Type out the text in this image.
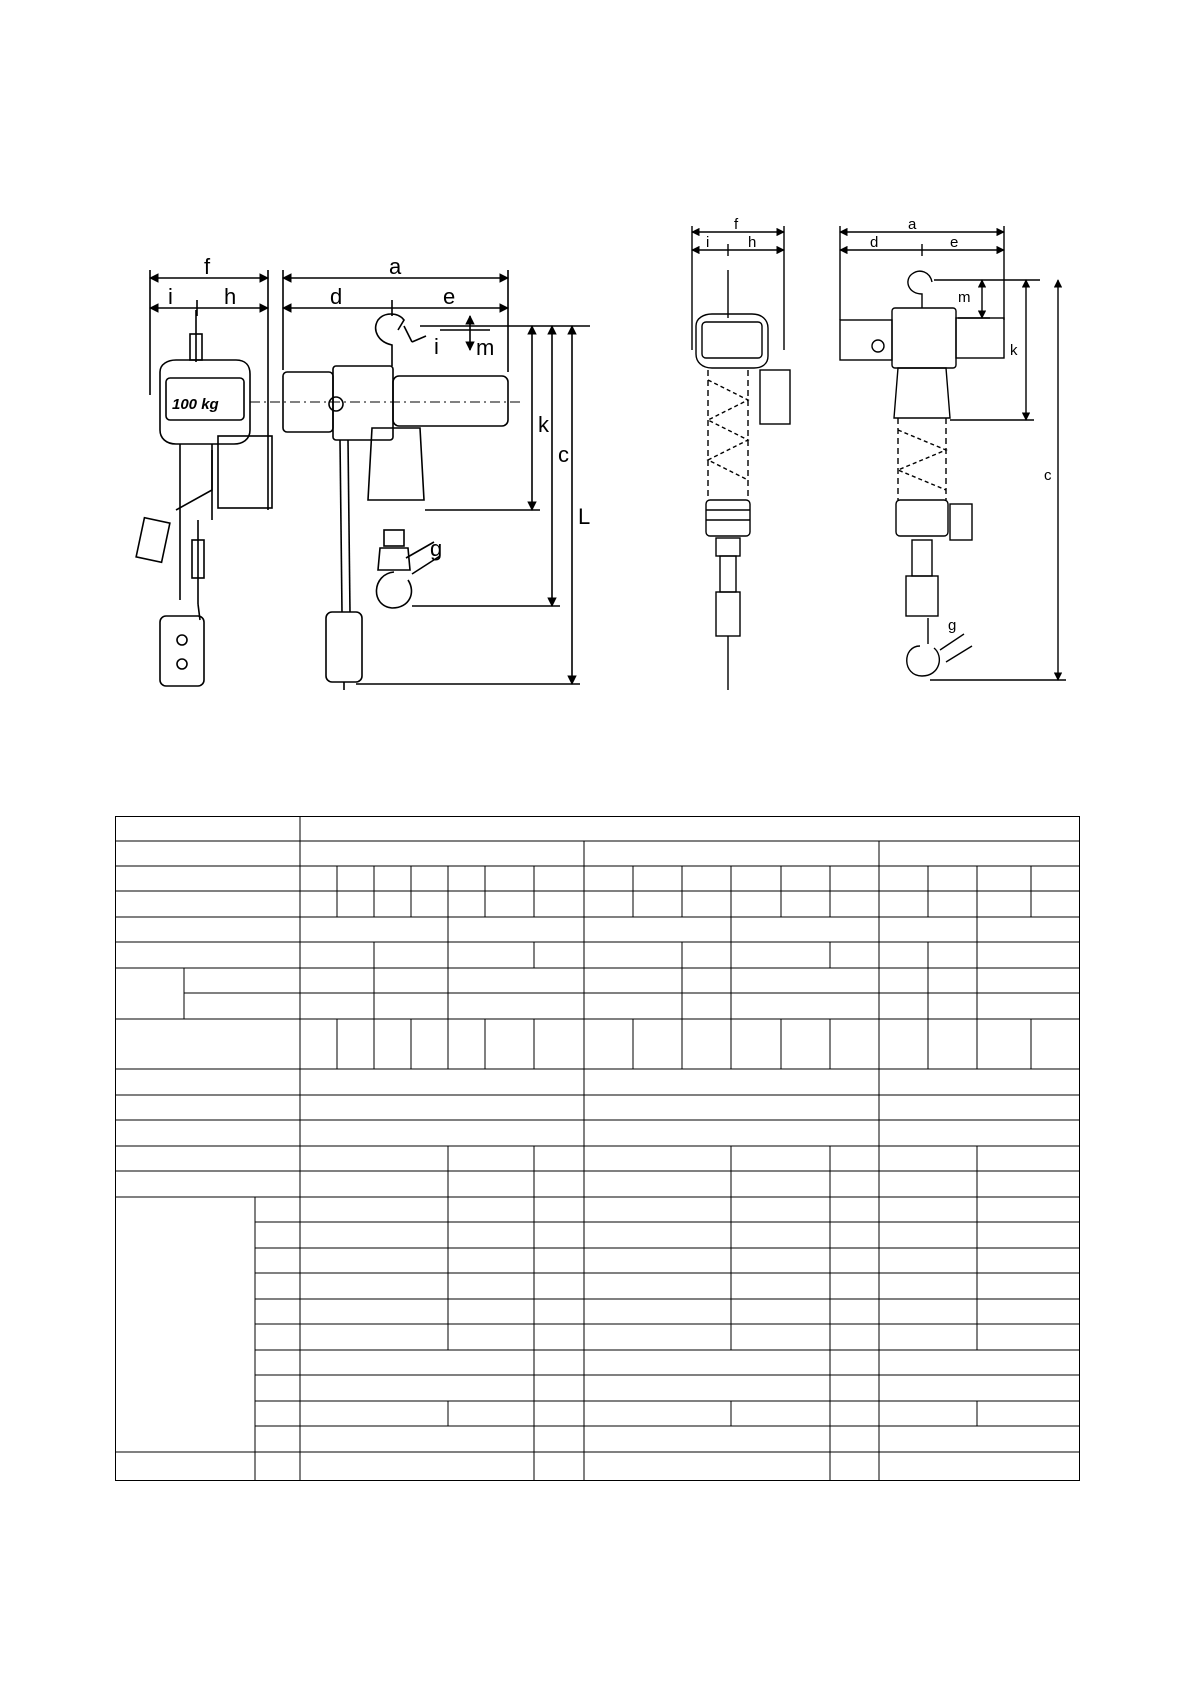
f
i h
a
d	e
i m
k
c
L
g
100 kg
f
i	h
a
d	e
m
k
c
g
